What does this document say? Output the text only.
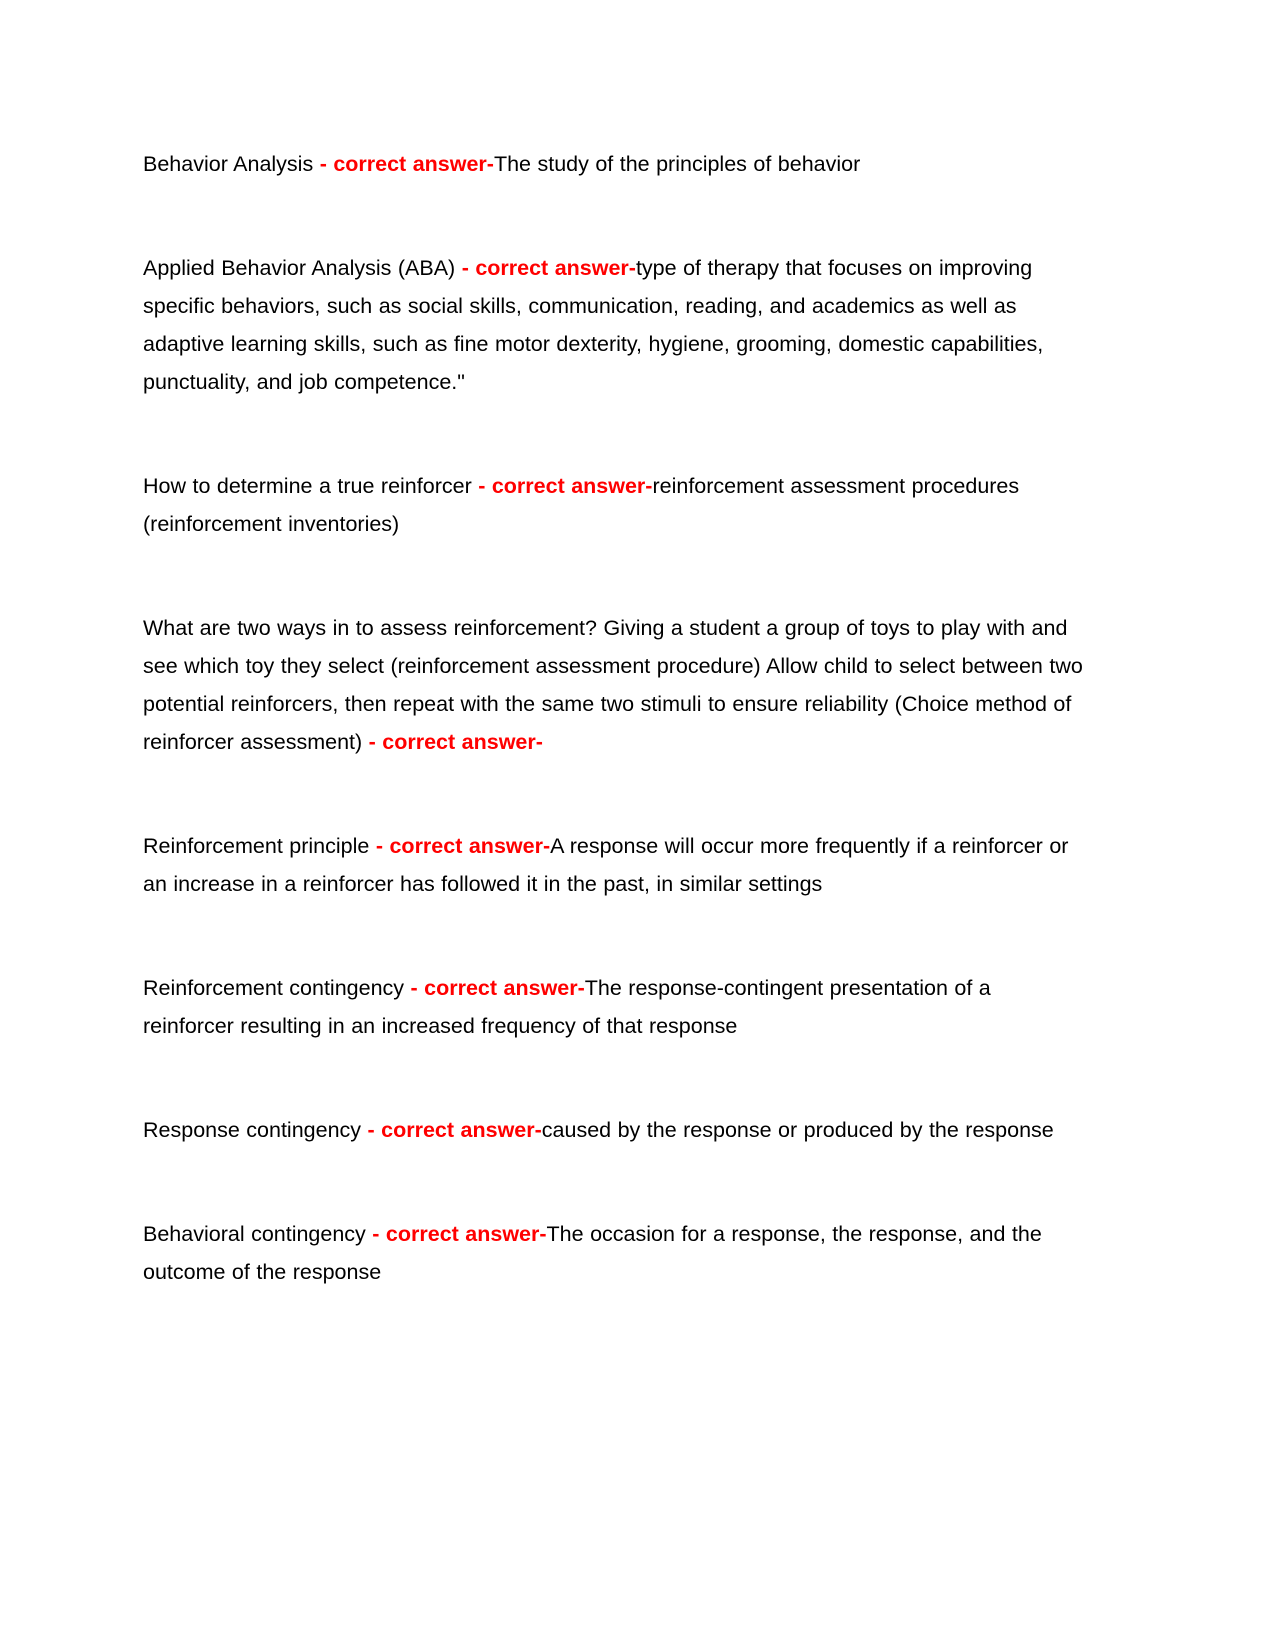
Behavior Analysis - correct answer-The study of the principles of behavior

Applied Behavior Analysis (ABA) - correct answer-type of therapy that focuses on improving specific behaviors, such as social skills, communication, reading, and academics as well as adaptive learning skills, such as fine motor dexterity, hygiene, grooming, domestic capabilities, punctuality, and job competence."

How to determine a true reinforcer - correct answer-reinforcement assessment procedures (reinforcement inventories)

What are two ways in to assess reinforcement? Giving a student a group of toys to play with and see which toy they select (reinforcement assessment procedure) Allow child to select between two potential reinforcers, then repeat with the same two stimuli to ensure reliability (Choice method of reinforcer assessment) - correct answer-

Reinforcement principle - correct answer-A response will occur more frequently if a reinforcer or an increase in a reinforcer has followed it in the past, in similar settings

Reinforcement contingency - correct answer-The response-contingent presentation of a reinforcer resulting in an increased frequency of that response

Response contingency - correct answer-caused by the response or produced by the response

Behavioral contingency - correct answer-The occasion for a response, the response, and the outcome of the response
